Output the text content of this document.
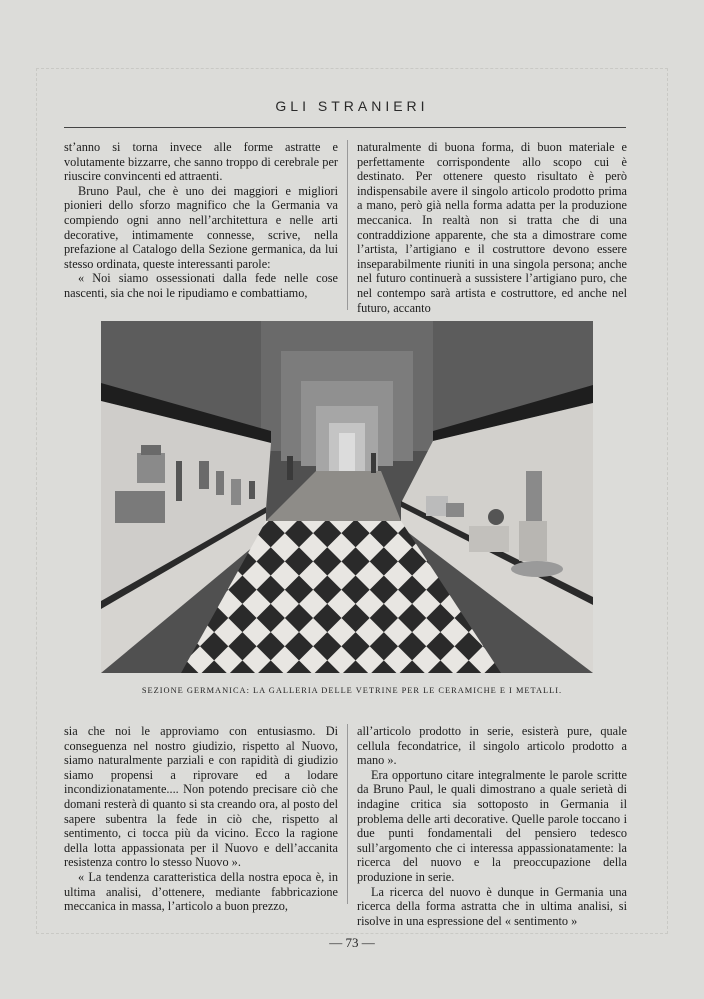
GLI STRANIERI

st’anno si torna invece alle forme astratte e volutamente bizzarre, che sanno troppo di cerebrale per riuscire convincenti ed attraenti.

Bruno Paul, che è uno dei maggiori e migliori pionieri dello sforzo magnifico che la Germania va compiendo ogni anno nell’architettura e nelle arti decorative, intimamente connesse, scrive, nella prefazione al Catalogo della Sezione germanica, da lui stesso ordinata, queste interessanti parole:

« Noi siamo ossessionati dalla fede nelle cose nascenti, sia che noi le ripudiamo e combattiamo,

naturalmente di buona forma, di buon materiale e perfettamente corrispondente allo scopo cui è destinato. Per ottenere questo risultato è però indispensabile avere il singolo articolo prodotto prima a mano, però già nella forma adatta per la produzione meccanica. In realtà non si tratta che di una contraddizione apparente, che sta a dimostrare come l’artista, l’artigiano e il costruttore devono essere inseparabilmente riuniti in una singola persona; anche nel futuro continuerà a sussistere l’artigiano puro, che nel contempo sarà artista e costruttore, ed anche nel futuro, accanto

SEZIONE GERMANICA: LA GALLERIA DELLE VETRINE PER LE CERAMICHE E I METALLI.

sia che noi le approviamo con entusiasmo. Di conseguenza nel nostro giudizio, rispetto al Nuovo, siamo naturalmente parziali e con rapidità di giudizio siamo propensi a riprovare ed a lodare incondizionatamente.... Non potendo precisare ciò che domani resterà di quanto si sta creando ora, al posto del sapere subentra la fede in ciò che, rispetto al sentimento, ci tocca più da vicino. Ecco la ragione della lotta appassionata per il Nuovo e dell’accanita resistenza contro lo stesso Nuovo ».

« La tendenza caratteristica della nostra epoca è, in ultima analisi, d’ottenere, mediante fabbricazione meccanica in massa, l’articolo a buon prezzo,

all’articolo prodotto in serie, esisterà pure, quale cellula fecondatrice, il singolo articolo prodotto a mano ».

Era opportuno citare integralmente le parole scritte da Bruno Paul, le quali dimostrano a quale serietà di indagine critica sia sottoposto in Germania il problema delle arti decorative. Quelle parole toccano i due punti fondamentali del pensiero tedesco sull’argomento che ci interessa appassionatamente: la ricerca del nuovo e la preoccupazione della produzione in serie.

La ricerca del nuovo è dunque in Germania una ricerca della forma astratta che in ultima analisi, si risolve in una espressione del « sentimento »

— 73 —
